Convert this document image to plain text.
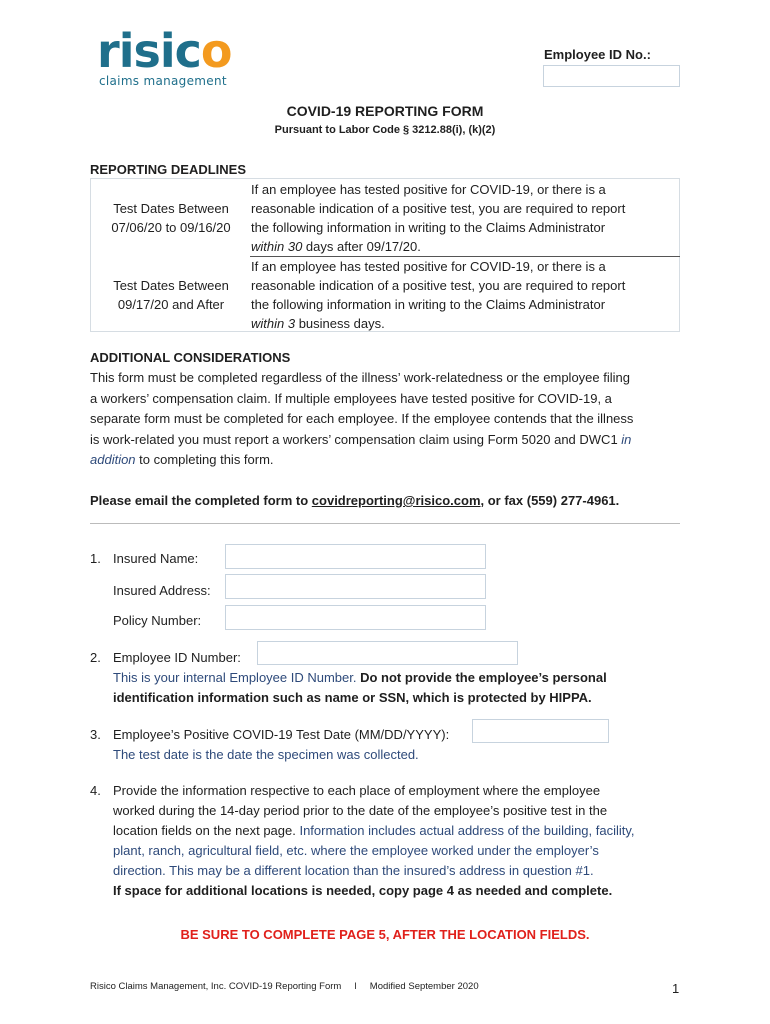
risico
claims management
Employee ID No.:
COVID-19 REPORTING FORM
Pursuant to Labor Code § 3212.88(i), (k)(2)
REPORTING DEADLINES
Test Dates Between
07/06/20 to 09/16/20
If an employee has tested positive for COVID-19, or there is a
reasonable indication of a positive test, you are required to report
the following information in writing to the Claims Administrator
within 30 days after 09/17/20.
Test Dates Between
09/17/20 and After
If an employee has tested positive for COVID-19, or there is a
reasonable indication of a positive test, you are required to report
the following information in writing to the Claims Administrator
within 3 business days.
ADDITIONAL CONSIDERATIONS
This form must be completed regardless of the illness’ work-relatedness or the employee filing
a workers’ compensation claim. If multiple employees have tested positive for COVID-19, a
separate form must be completed for each employee. If the employee contends that the illness
is work-related you must report a workers’ compensation claim using Form 5020 and DWC1 in
addition to completing this form.
Please email the completed form to covidreporting@risico.com, or fax (559) 277-4961.
1. Insured Name:
Insured Address:
Policy Number:
2. Employee ID Number:
This is your internal Employee ID Number. Do not provide the employee’s personal
identification information such as name or SSN, which is protected by HIPPA.
3. Employee’s Positive COVID-19 Test Date (MM/DD/YYYY):
The test date is the date the specimen was collected.
4. Provide the information respective to each place of employment where the employee
worked during the 14-day period prior to the date of the employee’s positive test in the
location fields on the next page. Information includes actual address of the building, facility,
plant, ranch, agricultural field, etc. where the employee worked under the employer’s
direction. This may be a different location than the insured’s address in question #1.
If space for additional locations is needed, copy page 4 as needed and complete.
BE SURE TO COMPLETE PAGE 5, AFTER THE LOCATION FIELDS.
Risico Claims Management, Inc. COVID-19 Reporting Form     l     Modified September 2020	1
